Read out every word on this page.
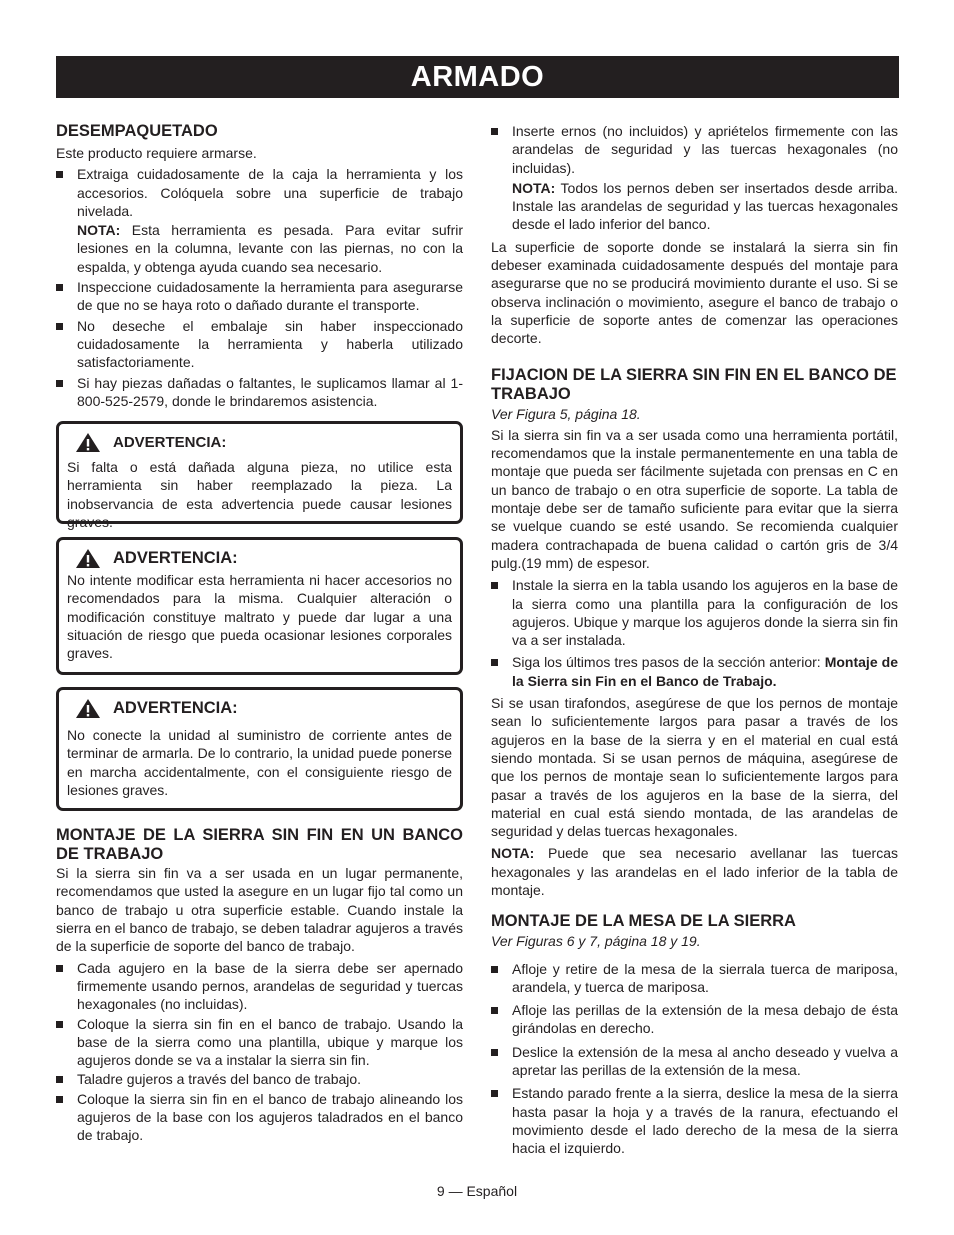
ARMADO
DESEMPAQUETADO
Este producto requiere armarse.
Extraiga cuidadosamente de la caja la herramienta y los accesorios. Colóquela sobre una superficie de trabajo nivelada.
NOTA: Esta herramienta es pesada. Para evitar sufrir lesiones en la columna, levante con las piernas, no con la espalda, y obtenga ayuda cuando sea necesario.
Inspeccione cuidadosamente la herramienta para asegurarse de que no se haya roto o dañado durante el transporte.
No deseche el embalaje sin haber inspeccionado cuidadosamente la herramienta y haberla utilizado satisfactoriamente.
Si hay piezas dañadas o faltantes, le suplicamos llamar al 1-800-525-2579, donde le brindaremos asistencia.
ADVERTENCIA:
Si falta o está dañada alguna pieza, no utilice esta herramienta sin haber reemplazado la pieza. La inobservancia de esta advertencia puede causar lesiones graves.
ADVERTENCIA:
No intente modificar esta herramienta ni hacer accesorios no recomendados para la misma. Cualquier alteración o modificación constituye maltrato y puede dar lugar a una situación de riesgo que pueda ocasionar lesiones corporales graves.
ADVERTENCIA:
No conecte la unidad al suministro de corriente antes de terminar de armarla. De lo contrario, la unidad puede ponerse en marcha accidentalmente, con el consiguiente riesgo de lesiones graves.
MONTAJE DE LA SIERRA SIN FIN EN UN BANCO DE TRABAJO
Si la sierra sin fin va a ser usada en un lugar permanente, recomendamos que usted la asegure en un lugar fijo tal como un banco de trabajo u otra superficie estable. Cuando instale la sierra en el banco de trabajo, se deben taladrar agujeros a través de la superficie de soporte del banco de trabajo.
Cada agujero en la base de la sierra debe ser apernado firmemente usando pernos, arandelas de seguridad y tuercas hexagonales (no incluidas).
Coloque la sierra sin fin en el banco de trabajo. Usando la base de la sierra como una plantilla, ubique y marque los agujeros donde se va a instalar la sierra sin fin.
Taladre gujeros a través del banco de trabajo.
Coloque la sierra sin fin en el banco de trabajo alineando los agujeros de la base con los agujeros taladrados en el banco de trabajo.
Inserte ernos (no incluidos) y apriételos firmemente con las arandelas de seguridad y las tuercas hexagonales (no incluidas).
NOTA: Todos los pernos deben ser insertados desde arriba. Instale las arandelas de seguridad y las tuercas hexagonales desde el lado inferior del banco.
La superficie de soporte donde se instalará la sierra sin fin debeser examinada cuidadosamente después del montaje para asegurarse que no se producirá movimiento durante el uso. Si se observa inclinación o movimiento, asegure el banco de trabajo o la superficie de soporte antes de comenzar las operaciones decorte.
FIJACION DE LA SIERRA SIN FIN EN EL BANCO DE TRABAJO
Ver Figura 5, página 18.
Si la sierra sin fin va a ser usada como una herramienta portátil, recomendamos que la instale permanentemente en una tabla de montaje que pueda ser fácilmente sujetada con prensas en C en un banco de trabajo o en otra superficie de soporte. La tabla de montaje debe ser de tamaño suficiente para evitar que la sierra se vuelque cuando se esté usando. Se recomienda cualquier madera contrachapada de buena calidad o cartón gris de 3/4 pulg.(19 mm) de espesor.
Instale la sierra en la tabla usando los agujeros en la base de la sierra como una plantilla para la configuración de los agujeros. Ubique y marque los agujeros donde la sierra sin fin va a ser instalada.
Siga los últimos tres pasos de la sección anterior: Montaje de la Sierra sin Fin en el Banco de Trabajo.
Si se usan tirafondos, asegúrese de que los pernos de montaje sean lo suficientemente largos para pasar a través de los agujeros en la base de la sierra y en el material en cual está siendo montada. Si se usan pernos de máquina, asegúrese de que los pernos de montaje sean lo suficientemente largos para pasar a través de los agujeros en la base de la sierra, del material en cual está siendo montada, de las arandelas de seguridad y delas tuercas hexagonales.
NOTA: Puede que sea necesario avellanar las tuercas hexagonales y las arandelas en el lado inferior de la tabla de montaje.
MONTAJE DE LA MESA DE LA SIERRA
Ver Figuras 6 y 7, página 18 y 19.
Afloje y retire de la mesa de la sierrala tuerca de mariposa, arandela, y tuerca de mariposa.
Afloje las perillas de la extensión de la mesa debajo de ésta girándolas en derecho.
Deslice la extensión de la mesa al ancho deseado y vuelva a apretar las perillas de la extensión de la mesa.
Estando parado frente a la sierra, deslice la mesa de la sierra hasta pasar la hoja y a través de la ranura, efectuando el movimiento desde el lado derecho de la mesa de la sierra hacia el izquierdo.
9 — Español
